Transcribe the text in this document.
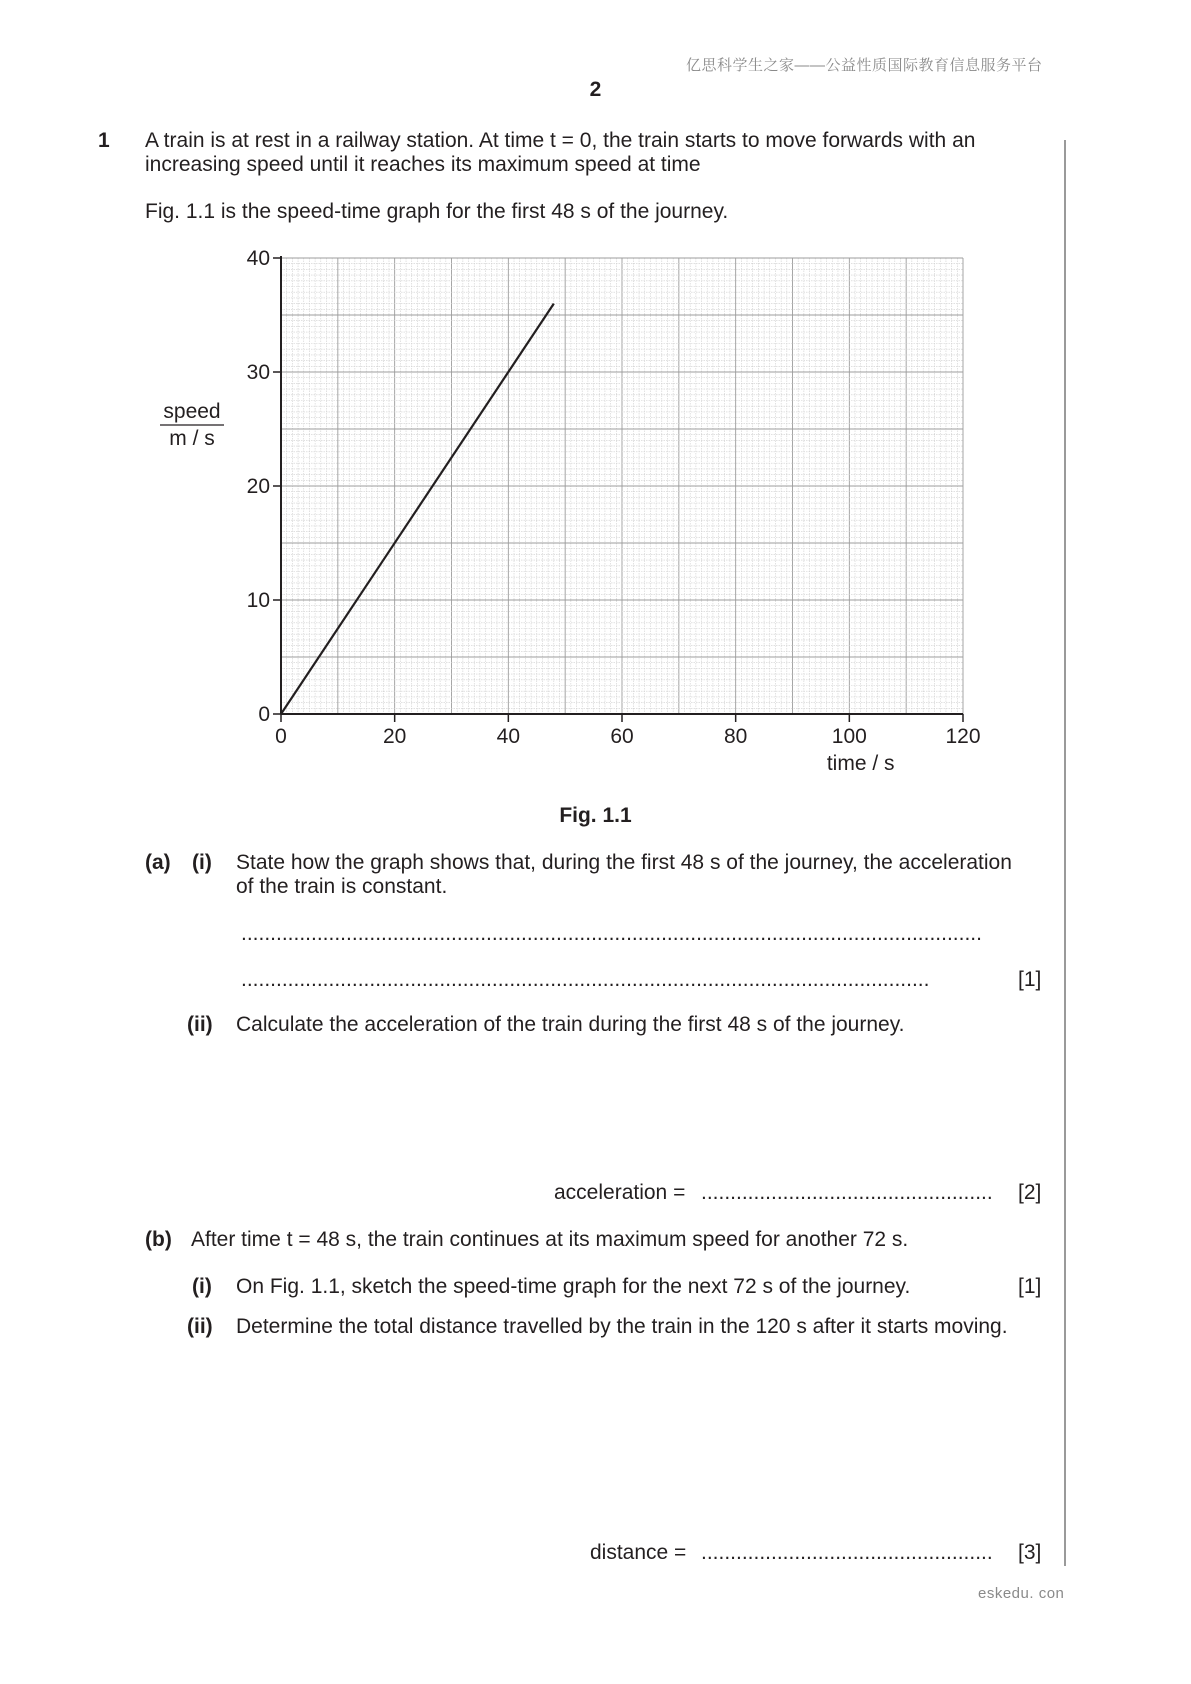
亿思科学生之家——公益性质国际教育信息服务平台
2
1 A train is at rest in a railway station. At time t = 0, the train starts to move forwards with an
increasing speed until it reaches its maximum speed at time
Fig. 1.1 is the speed-time graph for the first 48 s of the journey.
0	20	40	60	80	100	120
0
10
20
30
40
speed
m / s
time / s
Fig. 1.1
(a) (i) State how the graph shows that, during the first 48 s of the journey, the acceleration
of the train is constant.
...............................................................................................................................
......................................................................................................................	[1]
(ii) Calculate the acceleration of the train during the first 48 s of the journey.
acceleration = ..................................................	[2]
(b) After time t = 48 s, the train continues at its maximum speed for another 72 s.
(i) On Fig. 1.1, sketch the speed-time graph for the next 72 s of the journey.	[1]
(ii) Determine the total distance travelled by the train in the 120 s after it starts moving.
distance = ..................................................	[3]
eskedu. con
